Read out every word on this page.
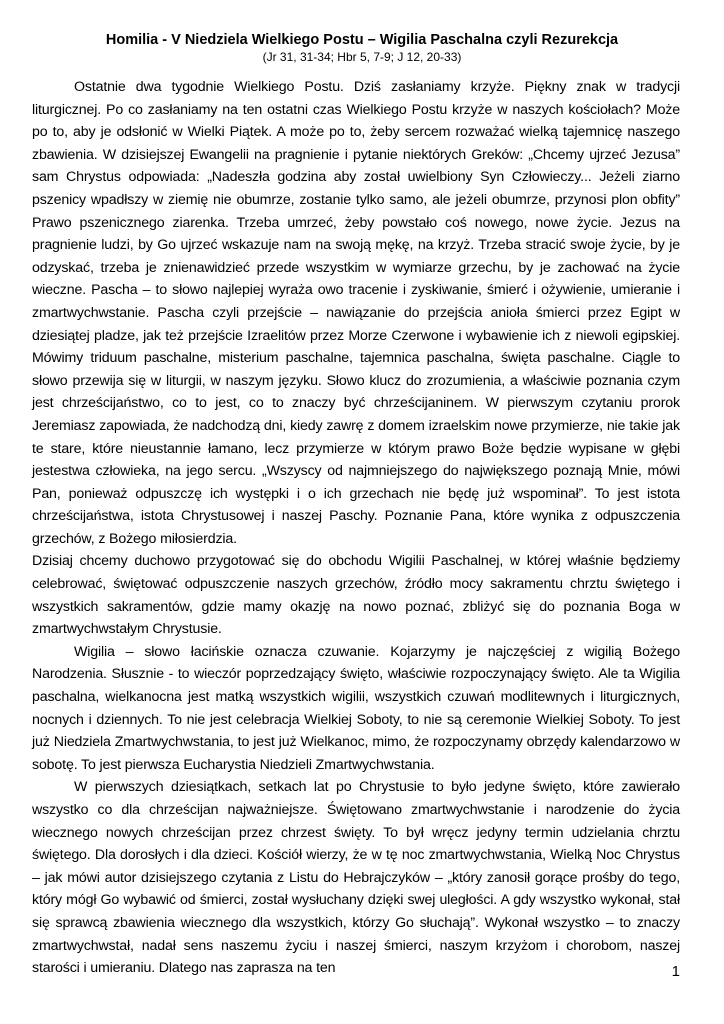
Homilia - V Niedziela Wielkiego Postu – Wigilia Paschalna czyli Rezurekcja

(Jr 31, 31-34; Hbr 5, 7-9; J 12, 20-33)

Ostatnie dwa tygodnie Wielkiego Postu. Dziś zasłaniamy krzyże. Piękny znak w tradycji liturgicznej. Po co zasłaniamy na ten ostatni czas Wielkiego Postu krzyże w naszych kościołach? Może po to, aby je odsłonić w Wielki Piątek. A może po to, żeby sercem rozważać wielką tajemnicę naszego zbawienia. W dzisiejszej Ewangelii na pragnienie i pytanie niektórych Greków: „Chcemy ujrzeć Jezusa” sam Chrystus odpowiada: „Nadeszła godzina aby został uwielbiony Syn Człowieczy... Jeżeli ziarno pszenicy wpadłszy w ziemię nie obumrze, zostanie tylko samo, ale jeżeli obumrze, przynosi plon obfity” Prawo pszenicznego ziarenka. Trzeba umrzeć, żeby powstało coś nowego, nowe życie. Jezus na pragnienie ludzi, by Go ujrzeć wskazuje nam na swoją mękę, na krzyż. Trzeba stracić swoje życie, by je odzyskać, trzeba je znienawidzieć przede wszystkim w wymiarze grzechu, by je zachować na życie wieczne. Pascha – to słowo najlepiej wyraża owo tracenie i zyskiwanie, śmierć i ożywienie, umieranie i zmartwychwstanie. Pascha czyli przejście – nawiązanie do przejścia anioła śmierci przez Egipt w dziesiątej pladze, jak też przejście Izraelitów przez Morze Czerwone i wybawienie ich z niewoli egipskiej. Mówimy triduum paschalne, misterium paschalne, tajemnica paschalna, święta paschalne. Ciągle to słowo przewija się w liturgii, w naszym języku. Słowo klucz do zrozumienia, a właściwie poznania czym jest chrześcijaństwo, co to jest, co to znaczy być chrześcijaninem. W pierwszym czytaniu prorok Jeremiasz zapowiada, że nadchodzą dni, kiedy zawrę z domem izraelskim nowe przymierze, nie takie jak te stare, które nieustannie łamano, lecz przymierze w którym prawo Boże będzie wypisane w głębi jestestwa człowieka, na jego sercu. „Wszyscy od najmniejszego do największego poznają Mnie, mówi Pan, ponieważ odpuszczę ich występki i o ich grzechach nie będę już wspominał”. To jest istota chrześcijaństwa, istota Chrystusowej i naszej Paschy. Poznanie Pana, które wynika z odpuszczenia grzechów, z Bożego miłosierdzia.

Dzisiaj chcemy duchowo przygotować się do obchodu Wigilii Paschalnej, w której właśnie będziemy celebrować, świętować odpuszczenie naszych grzechów, źródło mocy sakramentu chrztu świętego i wszystkich sakramentów, gdzie mamy okazję na nowo poznać, zbliżyć się do poznania Boga w zmartwychwstałym Chrystusie.

Wigilia – słowo łacińskie oznacza czuwanie. Kojarzymy je najczęściej z wigilią Bożego Narodzenia. Słusznie - to wieczór poprzedzający święto, właściwie rozpoczynający święto. Ale ta Wigilia paschalna, wielkanocna jest matką wszystkich wigilii, wszystkich czuwań modlitewnych i liturgicznych, nocnych i dziennych. To nie jest celebracja Wielkiej Soboty, to nie są ceremonie Wielkiej Soboty. To jest już Niedziela Zmartwychwstania, to jest już Wielkanoc, mimo, że rozpoczynamy obrzędy kalendarzowo w sobotę. To jest pierwsza Eucharystia Niedzieli Zmartwychwstania.

W pierwszych dziesiątkach, setkach lat po Chrystusie to było jedyne święto, które zawierało wszystko co dla chrześcijan najważniejsze. Świętowano zmartwychwstanie i narodzenie do życia wiecznego nowych chrześcijan przez chrzest święty. To był wręcz jedyny termin udzielania chrztu świętego. Dla dorosłych i dla dzieci. Kościół wierzy, że w tę noc zmartwychwstania, Wielką Noc Chrystus – jak mówi autor dzisiejszego czytania z Listu do Hebrajczyków – „który zanosił gorące prośby do tego, który mógł Go wybawić od śmierci, został wysłuchany dzięki swej uległości. A gdy wszystko wykonał, stał się sprawcą zbawienia wiecznego dla wszystkich, którzy Go słuchają”. Wykonał wszystko – to znaczy zmartwychwstał, nadał sens naszemu życiu i naszej śmierci, naszym krzyżom i chorobom, naszej starości i umieraniu. Dlatego nas zaprasza na ten	1
